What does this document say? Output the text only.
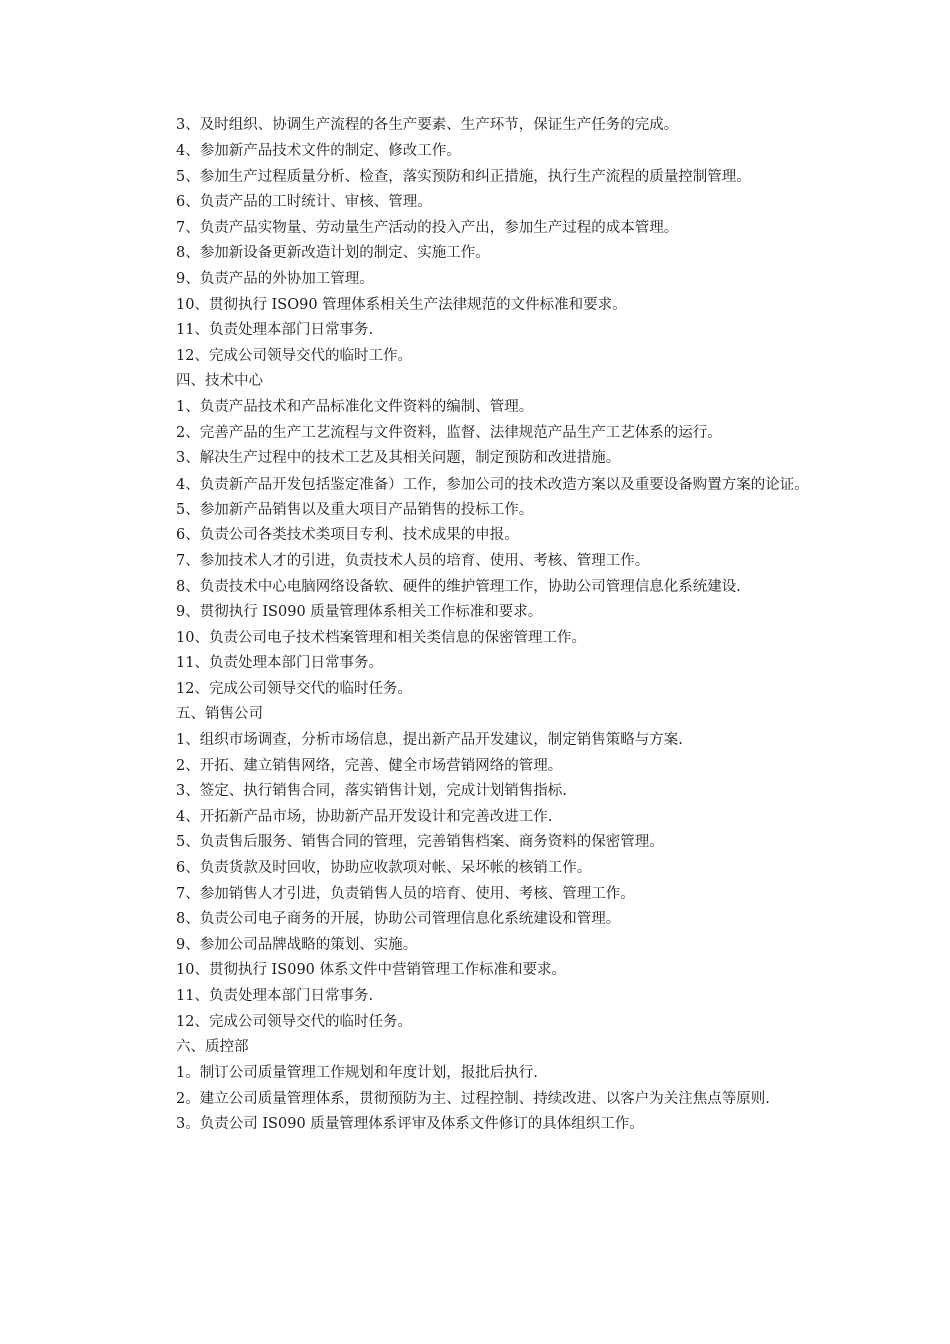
3、及时组织、协调生产流程的各生产要素、生产环节，保证生产任务的完成。

4、参加新产品技术文件的制定、修改工作。

5、参加生产过程质量分析、检查，落实预防和纠正措施，执行生产流程的质量控制管理。

6、负责产品的工时统计、审核、管理。

7、负责产品实物量、劳动量生产活动的投入产出，参加生产过程的成本管理。

8、参加新设备更新改造计划的制定、实施工作。

9、负责产品的外协加工管理。

10、贯彻执行 ISO90 管理体系相关生产法律规范的文件标准和要求。

11、负责处理本部门日常事务.

12、完成公司领导交代的临时工作。

四、技术中心

1、负责产品技术和产品标准化文件资料的编制、管理。

2、完善产品的生产工艺流程与文件资料，监督、法律规范产品生产工艺体系的运行。

3、解决生产过程中的技术工艺及其相关问题，制定预防和改进措施。

4、负责新产品开发包括鉴定准备）工作，参加公司的技术改造方案以及重要设备购置方案的论证。

5、参加新产品销售以及重大项目产品销售的投标工作。

6、负责公司各类技术类项目专利、技术成果的申报。

7、参加技术人才的引进，负责技术人员的培育、使用、考核、管理工作。

8、负责技术中心电脑网络设备软、硬件的维护管理工作，协助公司管理信息化系统建设.

9、贯彻执行 IS090 质量管理体系相关工作标准和要求。

10、负责公司电子技术档案管理和相关类信息的保密管理工作。

11、负责处理本部门日常事务。

12、完成公司领导交代的临时任务。

五、销售公司

1、组织市场调查，分析市场信息，提出新产品开发建议，制定销售策略与方案.

2、开拓、建立销售网络，完善、健全市场营销网络的管理。

3、签定、执行销售合同，落实销售计划，完成计划销售指标.

4、开拓新产品市场，协助新产品开发设计和完善改进工作.

5、负责售后服务、销售合同的管理，完善销售档案、商务资料的保密管理。

6、负责货款及时回收，协助应收款项对帐、呆坏帐的核销工作。

7、参加销售人才引进，负责销售人员的培育、使用、考核、管理工作。

8、负责公司电子商务的开展，协助公司管理信息化系统建设和管理。

9、参加公司品牌战略的策划、实施。

10、贯彻执行 IS090 体系文件中营销管理工作标准和要求。

11、负责处理本部门日常事务.

12、完成公司领导交代的临时任务。

六、质控部

1。制订公司质量管理工作规划和年度计划，报批后执行.

2。建立公司质量管理体系，贯彻预防为主、过程控制、持续改进、以客户为关注焦点等原则.

3。负责公司 IS090 质量管理体系评审及体系文件修订的具体组织工作。
